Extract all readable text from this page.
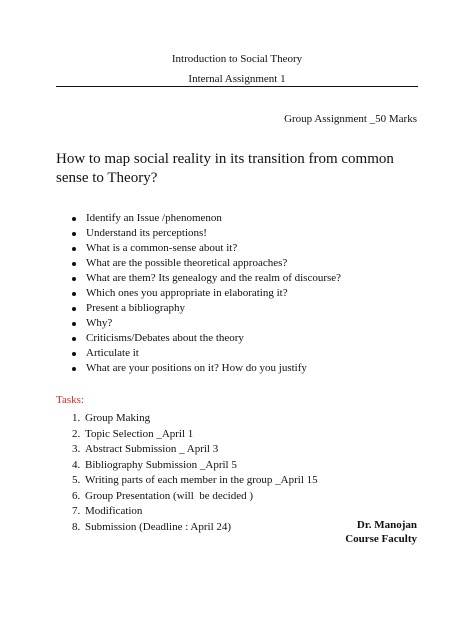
Introduction to Social Theory
Internal Assignment 1
Group Assignment _50 Marks
How to map social reality in its transition from common sense to Theory?
Identify an Issue /phenomenon
Understand its perceptions!
What is a common-sense about it?
What are the possible theoretical approaches?
What are them? Its genealogy and the realm of discourse?
Which ones you appropriate in elaborating it?
Present a bibliography
Why?
Criticisms/Debates about the theory
Articulate it
What are your positions on it? How do you justify
Tasks:
1. Group Making
2. Topic Selection _April 1
3. Abstract Submission _ April 3
4. Bibliography Submission _April 5
5. Writing parts of each member in the group _April 15
6. Group Presentation (will  be decided )
7. Modification
8. Submission (Deadline : April 24)	Dr. Manojan
Course Faculty
